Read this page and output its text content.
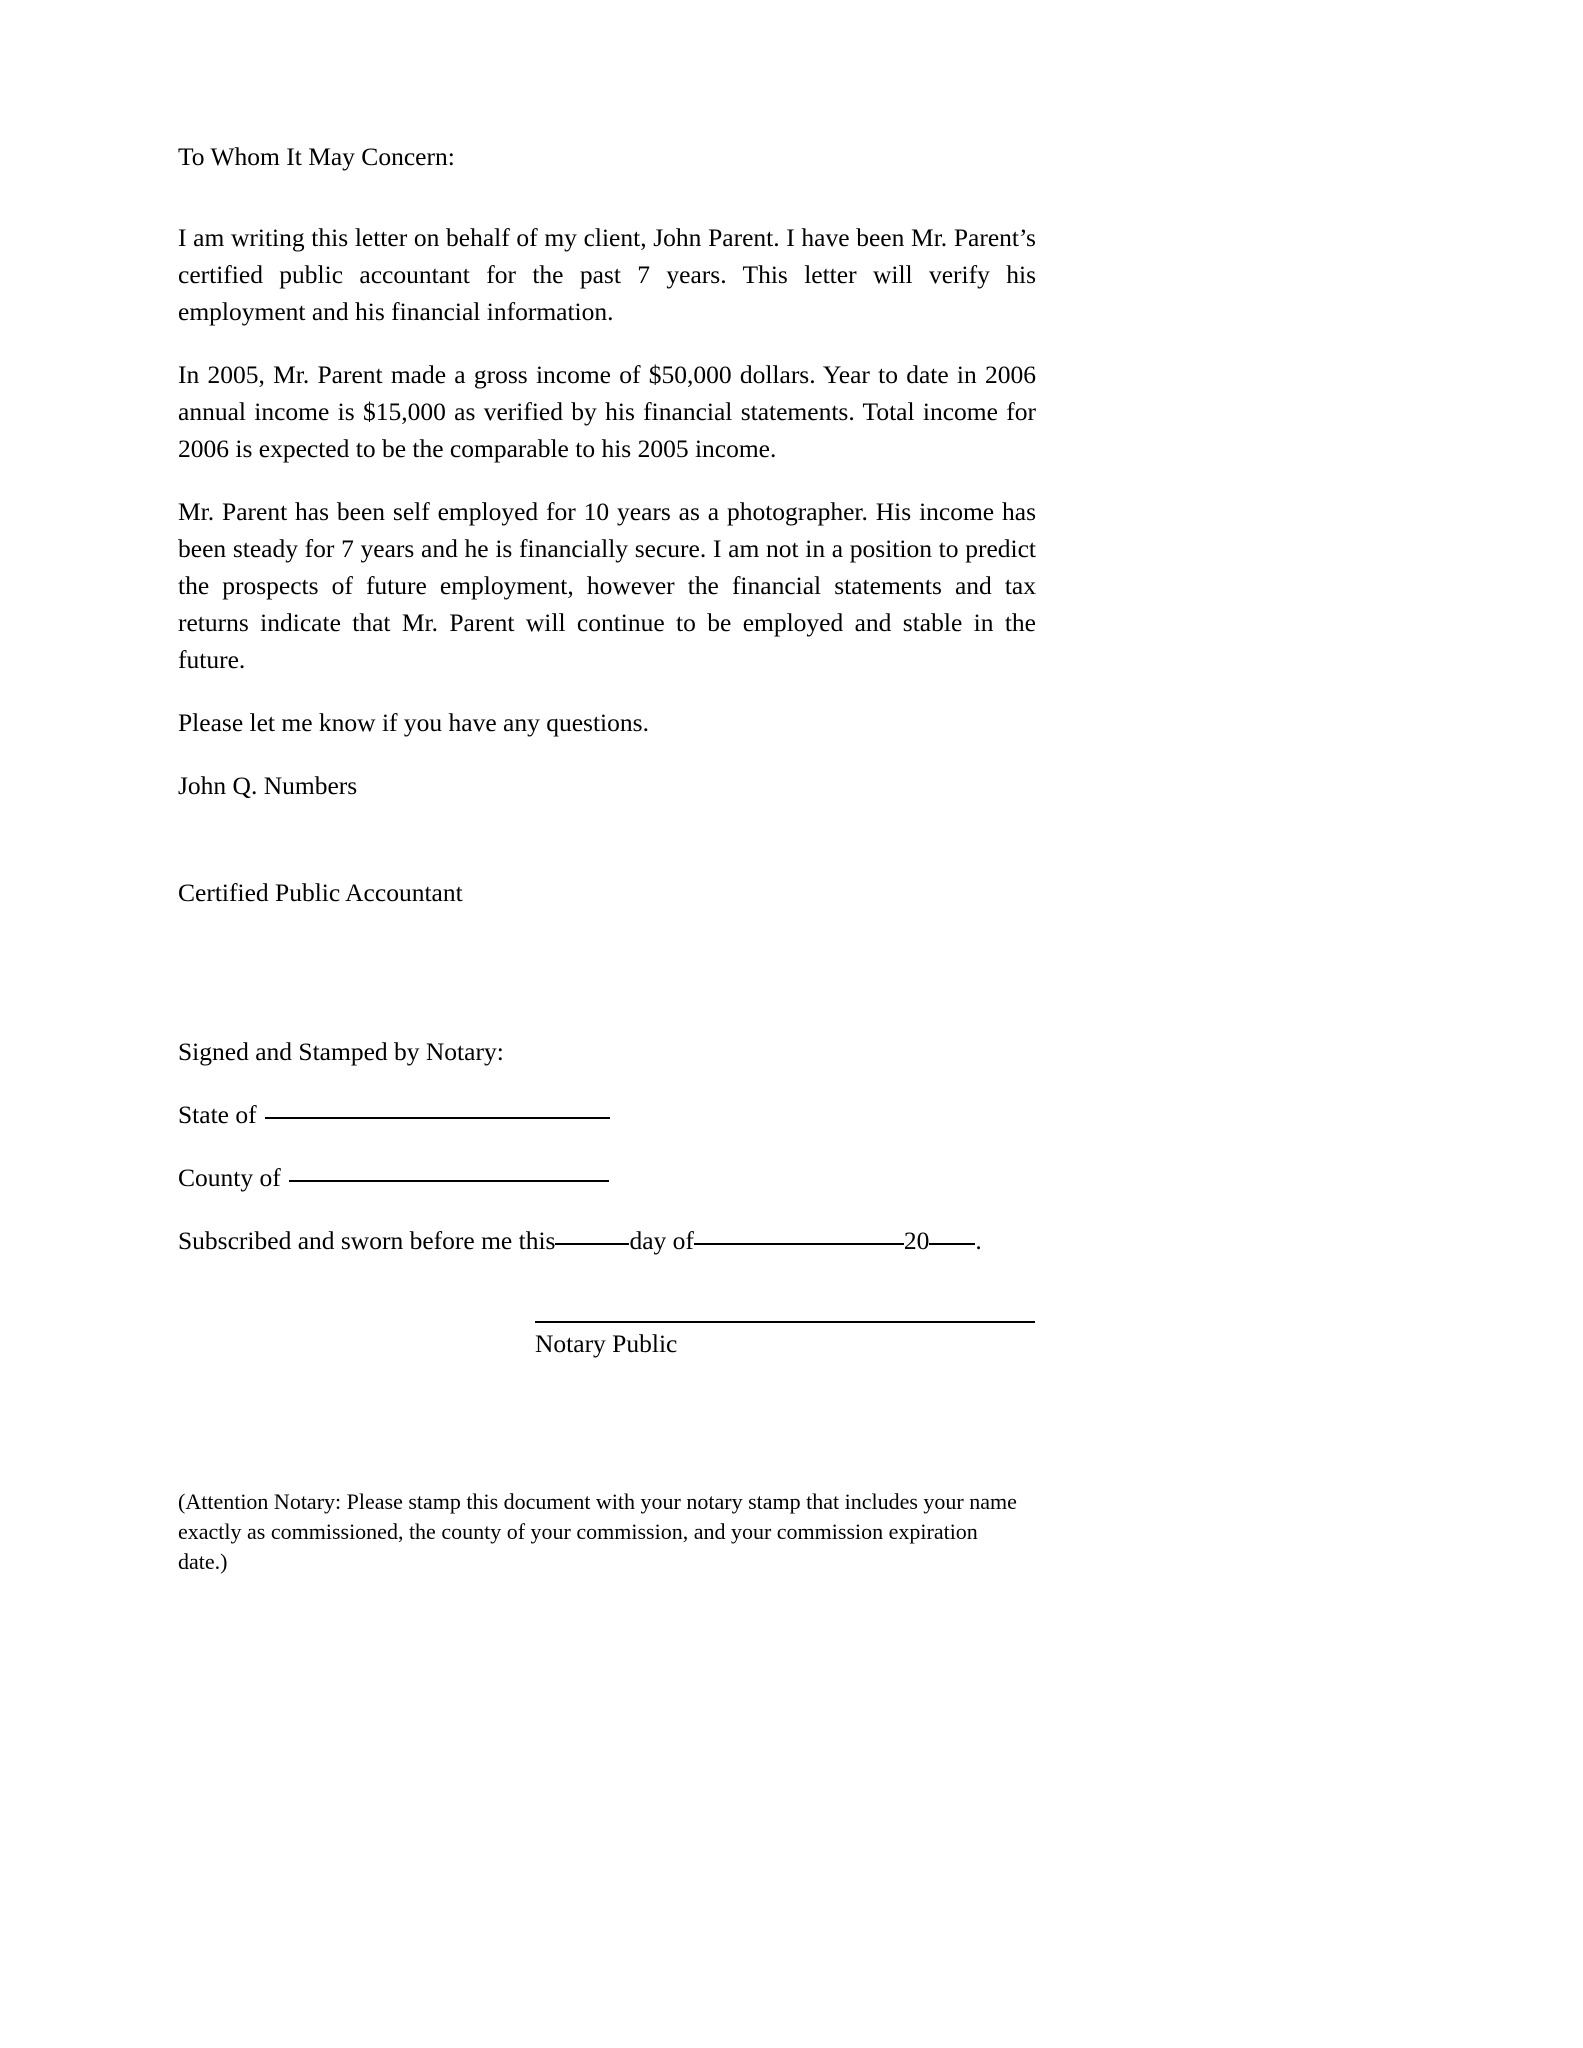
To Whom It May Concern:

I am writing this letter on behalf of my client, John Parent. I have been Mr. Parent’s certified public accountant for the past 7 years. This letter will verify his employment and his financial information.

In 2005, Mr. Parent made a gross income of $50,000 dollars. Year to date in 2006 annual income is $15,000 as verified by his financial statements. Total income for 2006 is expected to be the comparable to his 2005 income.

Mr. Parent has been self employed for 10 years as a photographer. His income has been steady for 7 years and he is financially secure. I am not in a position to predict the prospects of future employment, however the financial statements and tax returns indicate that Mr. Parent will continue to be employed and stable in the future.

Please let me know if you have any questions.

John Q. Numbers

Certified Public Accountant

Signed and Stamped by Notary:

State of
County of

Subscribed and sworn before me this	day of	20 .

Notary Public

(Attention Notary: Please stamp this document with your notary stamp that includes your name exactly as commissioned, the county of your commission, and your commission expiration date.)
